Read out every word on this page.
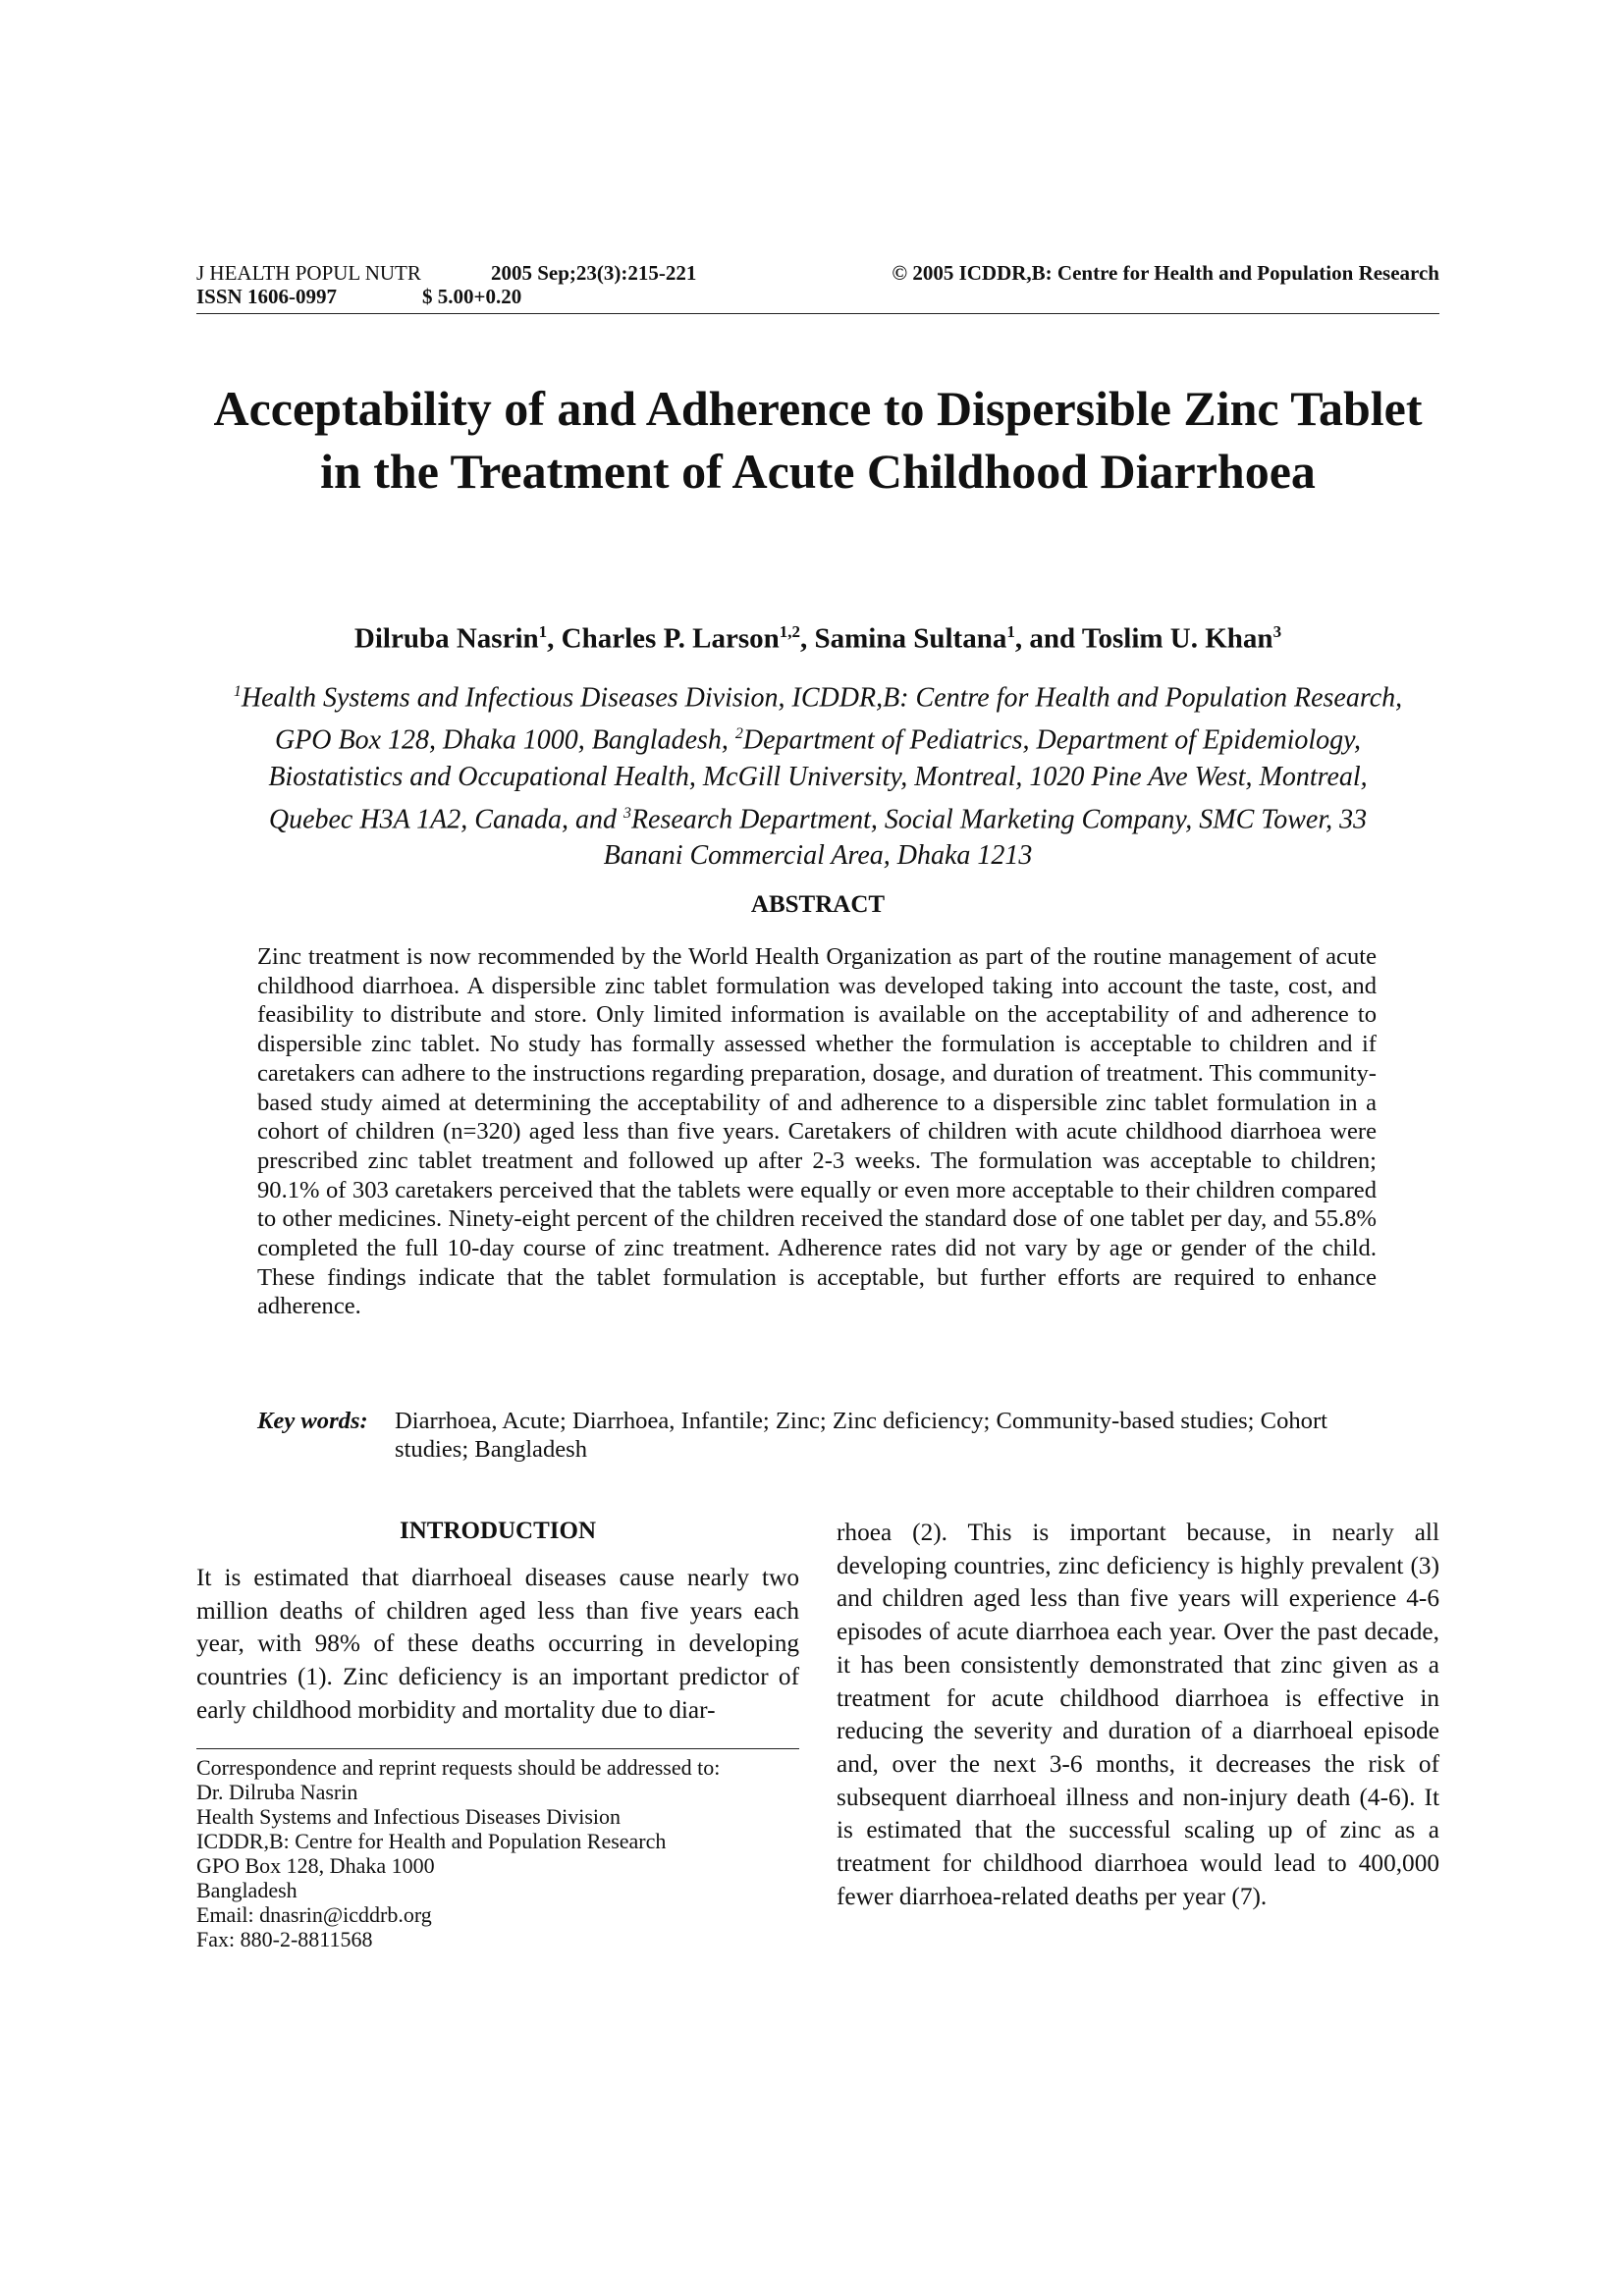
J HEALTH POPUL NUTR	2005 Sep;23(3):215-221	© 2005 ICDDR,B: Centre for Health and Population Research
ISSN 1606-0997	$ 5.00+0.20
Acceptability of and Adherence to Dispersible Zinc Tablet in the Treatment of Acute Childhood Diarrhoea
Dilruba Nasrin$^1$, Charles P. Larson$^{1,2}$, Samina Sultana$^1$, and Toslim U. Khan$^3$
$^1$Health Systems and Infectious Diseases Division, ICDDR,B: Centre for Health and Population Research, GPO Box 128, Dhaka 1000, Bangladesh, $^2$Department of Pediatrics, Department of Epidemiology, Biostatistics and Occupational Health, McGill University, Montreal, 1020 Pine Ave West, Montreal, Quebec H3A 1A2, Canada, and $^3$Research Department, Social Marketing Company, SMC Tower, 33 Banani Commercial Area, Dhaka 1213
ABSTRACT

Zinc treatment is now recommended by the World Health Organization as part of the routine management of acute childhood diarrhoea. A dispersible zinc tablet formulation was developed taking into account the taste, cost, and feasibility to distribute and store. Only limited information is available on the acceptability of and adherence to dispersible zinc tablet. No study has formally assessed whether the formulation is acceptable to children and if caretakers can adhere to the instructions regarding preparation, dosage, and duration of treatment. This community-based study aimed at determining the acceptability of and adherence to a dispersible zinc tablet formulation in a cohort of children (n=320) aged less than five years. Caretakers of children with acute childhood diarrhoea were prescribed zinc tablet treatment and followed up after 2-3 weeks. The formulation was acceptable to children; 90.1% of 303 caretakers perceived that the tablets were equally or even more acceptable to their children compared to other medicines. Ninety-eight percent of the children received the standard dose of one tablet per day, and 55.8% completed the full 10-day course of zinc treatment. Adherence rates did not vary by age or gender of the child. These findings indicate that the tablet formulation is acceptable, but further efforts are required to enhance adherence.

Key words:	Diarrhoea, Acute; Diarrhoea, Infantile; Zinc; Zinc deficiency; Community-based studies; Cohort studies; Bangladesh
INTRODUCTION

It is estimated that diarrhoeal diseases cause nearly two million deaths of children aged less than five years each year, with 98% of these deaths occurring in developing countries (1). Zinc deficiency is an important predictor of early childhood morbidity and mortality due to diar-

rhoea (2). This is important because, in nearly all developing countries, zinc deficiency is highly prevalent (3) and children aged less than five years will experience 4-6 episodes of acute diarrhoea each year. Over the past decade, it has been consistently demonstrated that zinc given as a treatment for acute childhood diarrhoea is effective in reducing the severity and duration of a diarrhoeal episode and, over the next 3-6 months, it decreases the risk of subsequent diarrhoeal illness and non-injury death (4-6). It is estimated that the successful scaling up of zinc as a treatment for childhood diarrhoea would lead to 400,000 fewer diarrhoea-related deaths per year (7).

Correspondence and reprint requests should be addressed to:
Dr. Dilruba Nasrin
Health Systems and Infectious Diseases Division
ICDDR,B: Centre for Health and Population Research
GPO Box 128, Dhaka 1000
Bangladesh
Email: dnasrin@icddrb.org
Fax: 880-2-8811568
